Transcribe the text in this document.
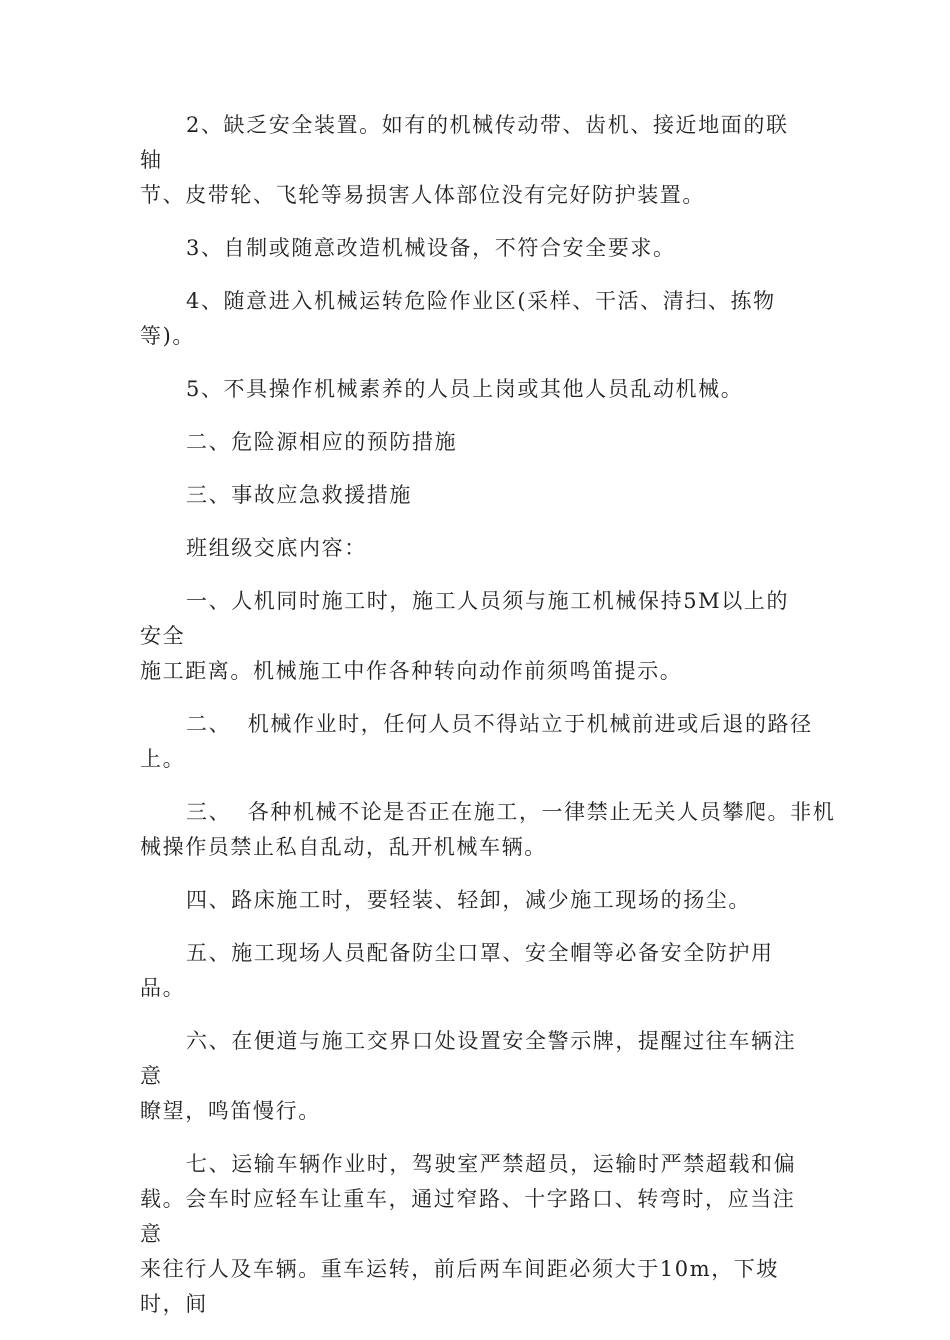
2、缺乏安全装置。如有的机械传动带、齿机、接近地面的联轴
节、皮带轮、飞轮等易损害人体部位没有完好防护装置。
3、自制或随意改造机械设备，不符合安全要求。
4、随意进入机械运转危险作业区(采样、干活、清扫、拣物等)。
5、不具操作机械素养的人员上岗或其他人员乱动机械。
二、危险源相应的预防措施
三、事故应急救援措施
班组级交底内容：
一、人机同时施工时，施工人员须与施工机械保持5M以上的安全
施工距离。机械施工中作各种转向动作前须鸣笛提示。
二、  机械作业时，任何人员不得站立于机械前进或后退的路径
上。
三、  各种机械不论是否正在施工，一律禁止无关人员攀爬。非机
械操作员禁止私自乱动，乱开机械车辆。
四、路床施工时，要轻装、轻卸，减少施工现场的扬尘。
五、施工现场人员配备防尘口罩、安全帽等必备安全防护用品。
六、在便道与施工交界口处设置安全警示牌，提醒过往车辆注意
瞭望，鸣笛慢行。
七、运输车辆作业时，驾驶室严禁超员，运输时严禁超载和偏
载。会车时应轻车让重车，通过窄路、十字路口、转弯时，应当注意
来往行人及车辆。重车运转，前后两车间距必须大于10m，下坡时，间
